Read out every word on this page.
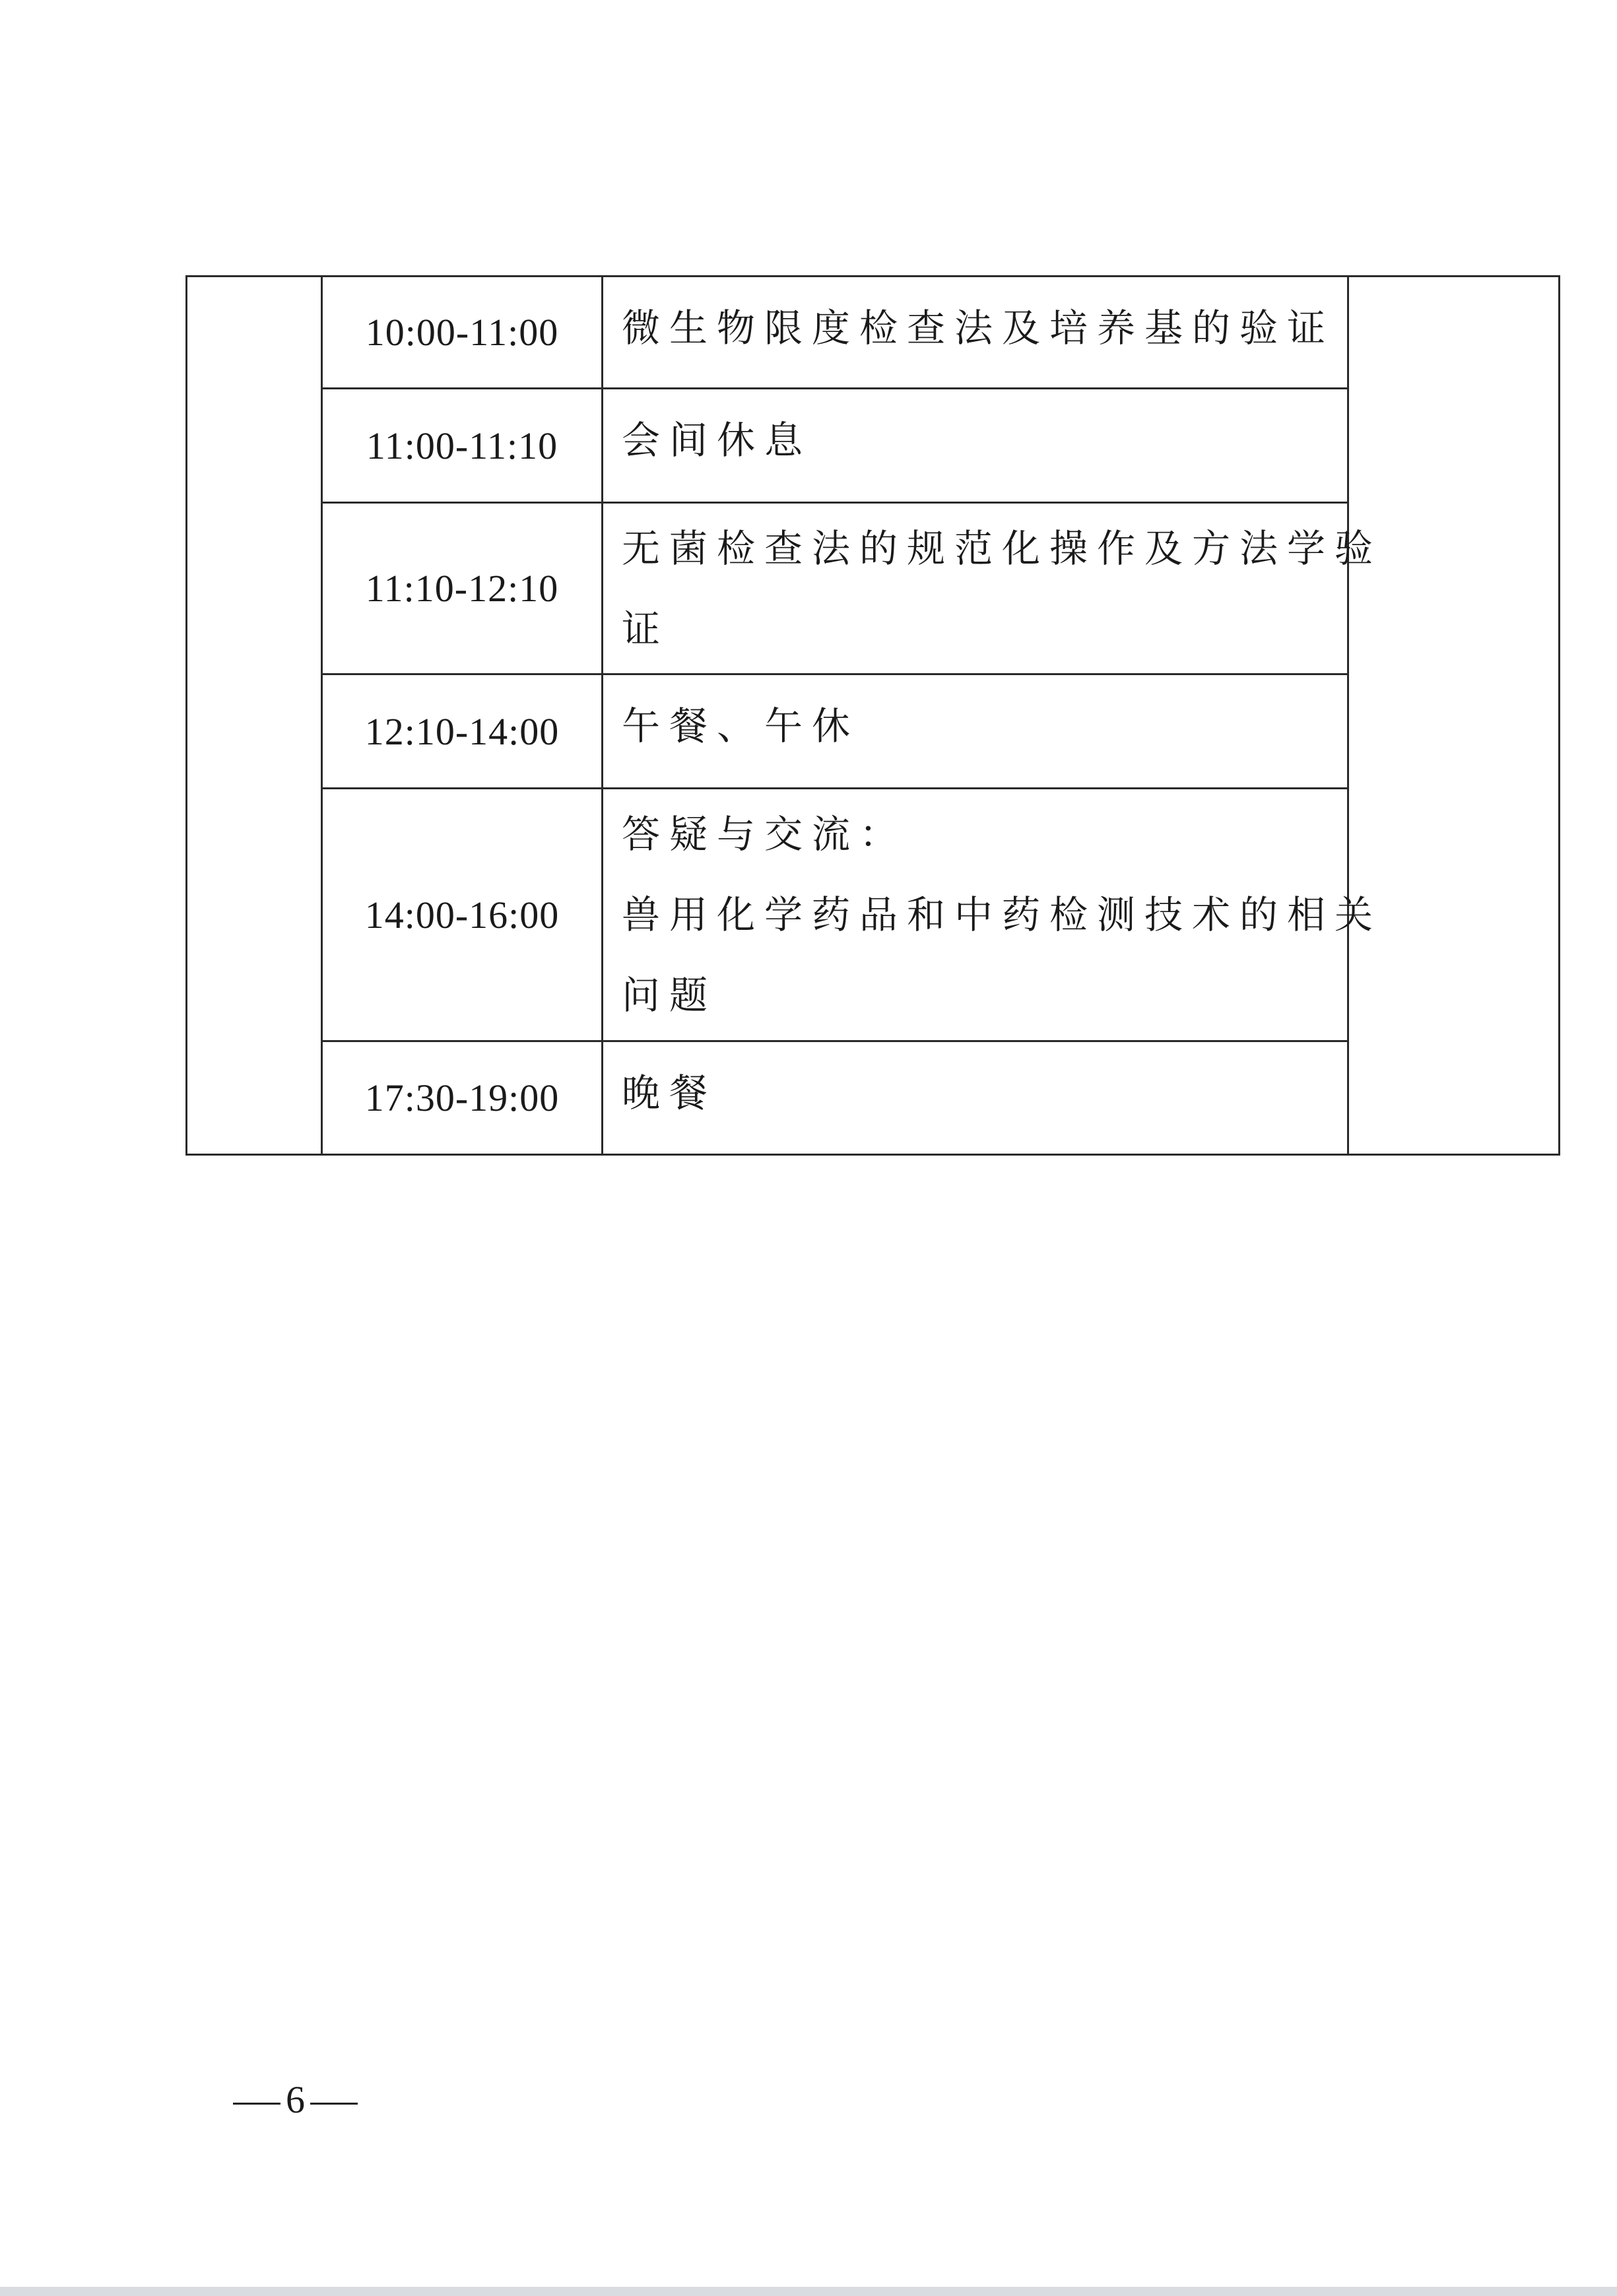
	10:00-11:00	微生物限度检查法及培养基的验证	

	11:00-11:10	会间休息	

	11:10-12:10	无菌检查法的规范化操作及方法学验
证	

	12:10-14:00	午餐、午休	

	14:00-16:00	答疑与交流：
兽用化学药品和中药检测技术的相关
问题	

	17:30-19:00	晚餐	
6
